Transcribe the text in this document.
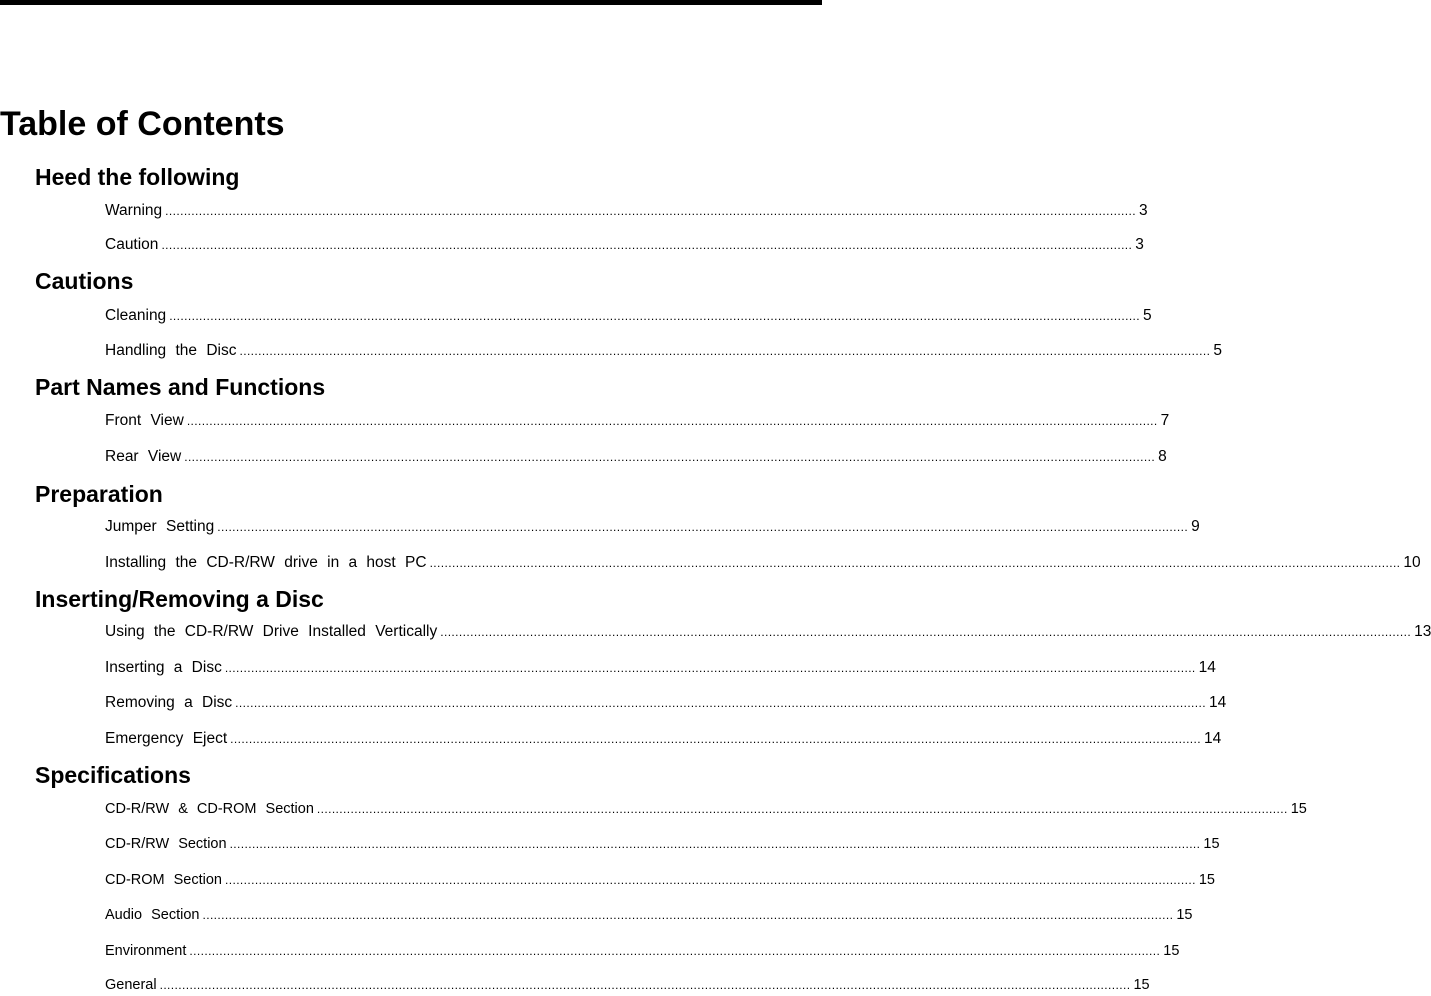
Table of Contents
Heed the following
Warning .................................................................................................................................................................................................................................................................... 3
Caution .................................................................................................................................................................................................................................................................... 3
Cautions
Cleaning .................................................................................................................................................................................................................................................................... 5
Handling the Disc .................................................................................................................................................................................................................................................................... 5
Part Names and Functions
Front View .................................................................................................................................................................................................................................................................... 7
Rear View .................................................................................................................................................................................................................................................................... 8
Preparation
Jumper Setting .................................................................................................................................................................................................................................................................... 9
Installing the CD-R/RW drive in a host PC .................................................................................................................................................................................................................................................................... 10
Inserting/Removing a Disc
Using the CD-R/RW Drive Installed Vertically .................................................................................................................................................................................................................................................................... 13
Inserting a Disc .................................................................................................................................................................................................................................................................... 14
Removing a Disc .................................................................................................................................................................................................................................................................... 14
Emergency Eject .................................................................................................................................................................................................................................................................... 14
Specifications
CD-R/RW & CD-ROM Section .................................................................................................................................................................................................................................................................... 15
CD-R/RW Section .................................................................................................................................................................................................................................................................... 15
CD-ROM Section .................................................................................................................................................................................................................................................................... 15
Audio Section .................................................................................................................................................................................................................................................................... 15
Environment .................................................................................................................................................................................................................................................................... 15
General .................................................................................................................................................................................................................................................................... 15
